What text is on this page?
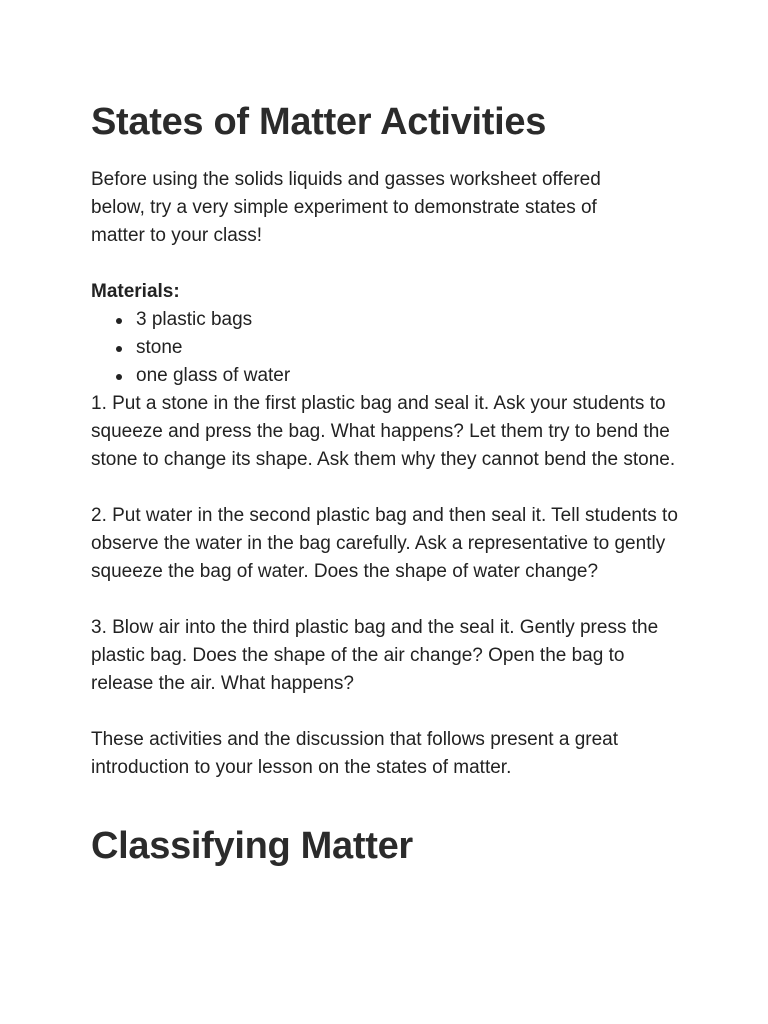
States of Matter Activities

Before using the solids liquids and gasses worksheet offered below, try a very simple experiment to demonstrate states of matter to your class!

Materials:
3 plastic bags
stone
one glass of water

1. Put a stone in the first plastic bag and seal it. Ask your students to squeeze and press the bag. What happens? Let them try to bend the stone to change its shape. Ask them why they cannot bend the stone.

2. Put water in the second plastic bag and then seal it. Tell students to observe the water in the bag carefully. Ask a representative to gently squeeze the bag of water. Does the shape of water change?

3. Blow air into the third plastic bag and the seal it. Gently press the plastic bag. Does the shape of the air change? Open the bag to release the air. What happens?

These activities and the discussion that follows present a great introduction to your lesson on the states of matter.

Classifying Matter
